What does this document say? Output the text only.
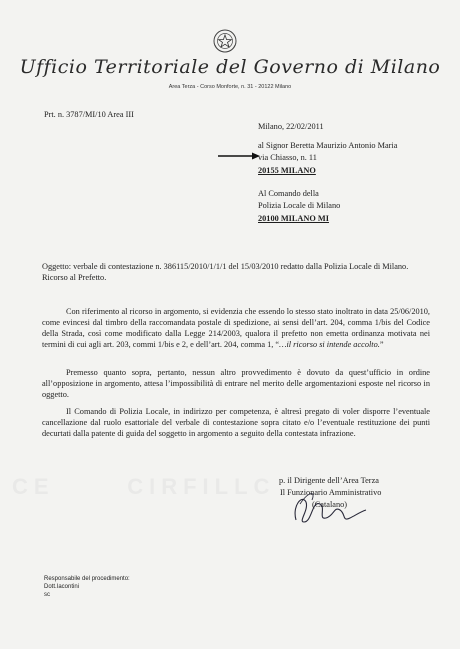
Ufficio Territoriale del Governo di Milano
Area Terza - Corso Monforte, n. 31 - 20122 Milano
Prt. n. 3787/MI/10 Area III
Milano, 22/02/2011
al Signor Beretta Maurizio Antonio Maria
via Chiasso, n. 11
20155 MILANO
Al Comando della
Polizia Locale di Milano
20100 MILANO MI
Oggetto: verbale di contestazione n. 386115/2010/1/1/1 del 15/03/2010 redatto dalla Polizia Locale di Milano. Ricorso al Prefetto.
Con riferimento al ricorso in argomento, si evidenzia che essendo lo stesso stato inoltrato in data 25/06/2010, come evincesi dal timbro della raccomandata postale di spedizione, ai sensi dell’art. 204, comma 1/bis del Codice della Strada, così come modificato dalla Legge 214/2003, qualora il prefetto non emetta ordinanza motivata nei termini di cui agli art. 203, commi 1/bis e 2, e dell’art. 204, comma 1, “…il ricorso si intende accolto.”
Premesso quanto sopra, pertanto, nessun altro provvedimento è dovuto da quest’ufficio in ordine all’opposizione in argomento, attesa l’impossibilità di entrare nel merito delle argomentazioni esposte nel ricorso in oggetto.
Il Comando di Polizia Locale, in indirizzo per competenza, è altresì pregato di voler disporre l’eventuale cancellazione dal ruolo esattoriale del verbale di contestazione sopra citato e/o l’eventuale restituzione dei punti decurtati dalla patente di guida del soggetto in argomento a seguito della contestata infrazione.
CE      CIRFILLC p. il Dirigente dell’Area Terza
Il Funzionario Amministrativo
(Catalano)
Responsabile del procedimento:
Dott.Iacontini
sc
